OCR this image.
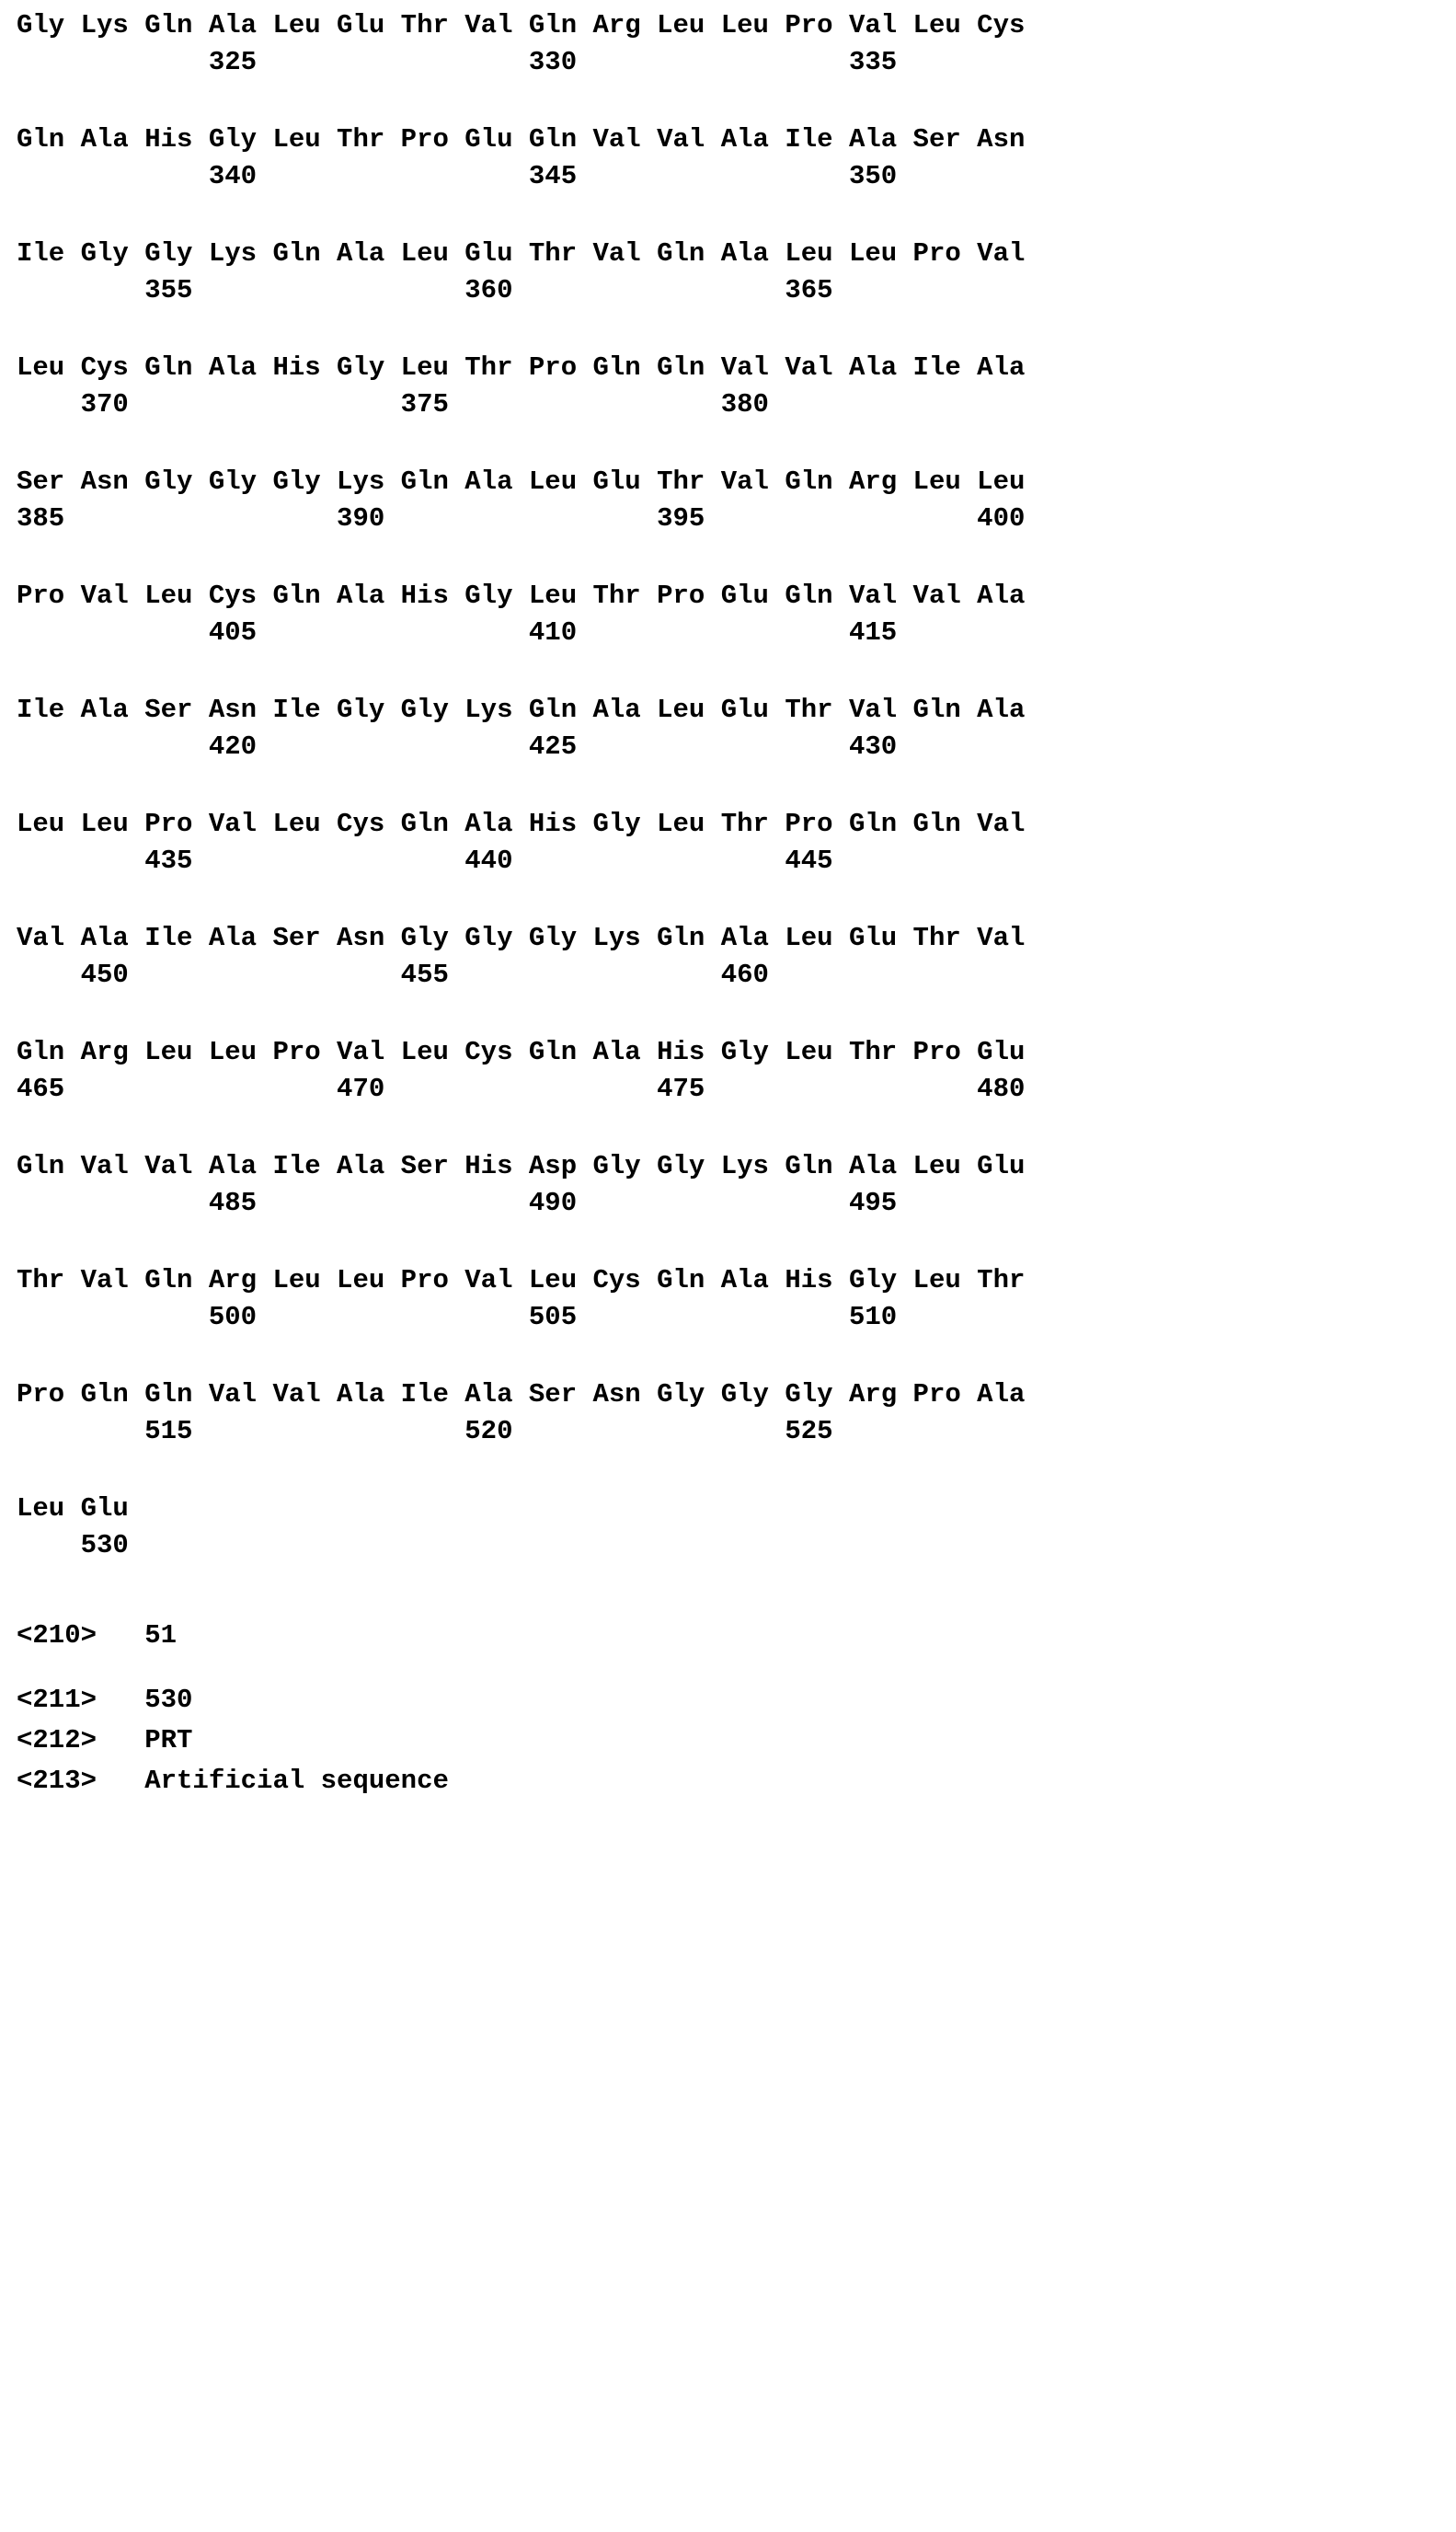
Gly Lys Gln Ala Leu Glu Thr Val Gln Arg Leu Leu Pro Val Leu Cys
325                 330                 335
Gln Ala His Gly Leu Thr Pro Glu Gln Val Val Ala Ile Ala Ser Asn
340                 345                 350
Ile Gly Gly Lys Gln Ala Leu Glu Thr Val Gln Ala Leu Leu Pro Val
355                 360                 365
Leu Cys Gln Ala His Gly Leu Thr Pro Gln Gln Val Val Ala Ile Ala
370                 375                 380
Ser Asn Gly Gly Gly Lys Gln Ala Leu Glu Thr Val Gln Arg Leu Leu
385                 390                 395                 400
Pro Val Leu Cys Gln Ala His Gly Leu Thr Pro Glu Gln Val Val Ala
405                 410                 415
Ile Ala Ser Asn Ile Gly Gly Lys Gln Ala Leu Glu Thr Val Gln Ala
420                 425                 430
Leu Leu Pro Val Leu Cys Gln Ala His Gly Leu Thr Pro Gln Gln Val
435                 440                 445
Val Ala Ile Ala Ser Asn Gly Gly Gly Lys Gln Ala Leu Glu Thr Val
450                 455                 460
Gln Arg Leu Leu Pro Val Leu Cys Gln Ala His Gly Leu Thr Pro Glu
465                 470                 475                 480
Gln Val Val Ala Ile Ala Ser His Asp Gly Gly Lys Gln Ala Leu Glu
485                 490                 495
Thr Val Gln Arg Leu Leu Pro Val Leu Cys Gln Ala His Gly Leu Thr
500                 505                 510
Pro Gln Gln Val Val Ala Ile Ala Ser Asn Gly Gly Gly Arg Pro Ala
515                 520                 525
Leu Glu
530
<210>   51
<211>   530
<212>   PRT
<213>   Artificial sequence
